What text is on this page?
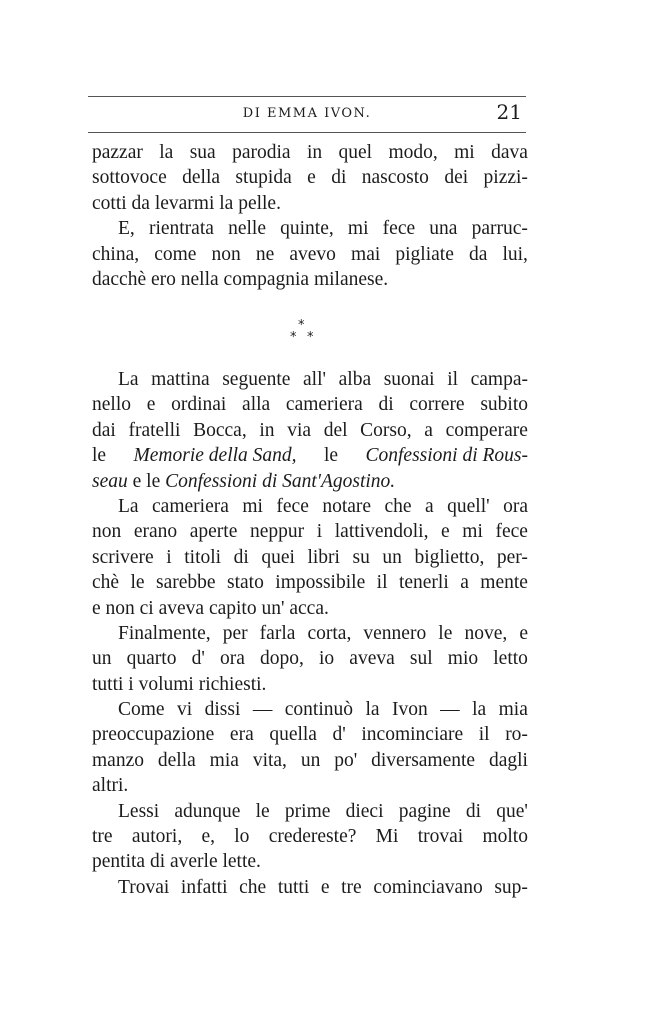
DI EMMA IVON.	21
pazzar la sua parodia in quel modo, mi dava
sottovoce della stupida e di nascosto dei pizzi-
cotti da levarmi la pelle.
E, rientrata nelle quinte, mi fece una parruc-
china, come non ne avevo mai pigliate da lui,
dacchè ero nella compagnia milanese.
*
* *
La mattina seguente all' alba suonai il campa-
nello e ordinai alla cameriera di correre subito
dai fratelli Bocca, in via del Corso, a comperare
le Memorie della Sand, le Confessioni di Rous-
seau e le Confessioni di Sant'Agostino.
La cameriera mi fece notare che a quell' ora
non erano aperte neppur i lattivendoli, e mi fece
scrivere i titoli di quei libri su un biglietto, per-
chè le sarebbe stato impossibile il tenerli a mente
e non ci aveva capito un' acca.
Finalmente, per farla corta, vennero le nove, e
un quarto d' ora dopo, io aveva sul mio letto
tutti i volumi richiesti.
Come vi dissi — continuò la Ivon — la mia
preoccupazione era quella d' incominciare il ro-
manzo della mia vita, un po' diversamente dagli
altri.
Lessi adunque le prime dieci pagine di que'
tre autori, e, lo credereste? Mi trovai molto
pentita di averle lette.
Trovai infatti che tutti e tre cominciavano sup-
